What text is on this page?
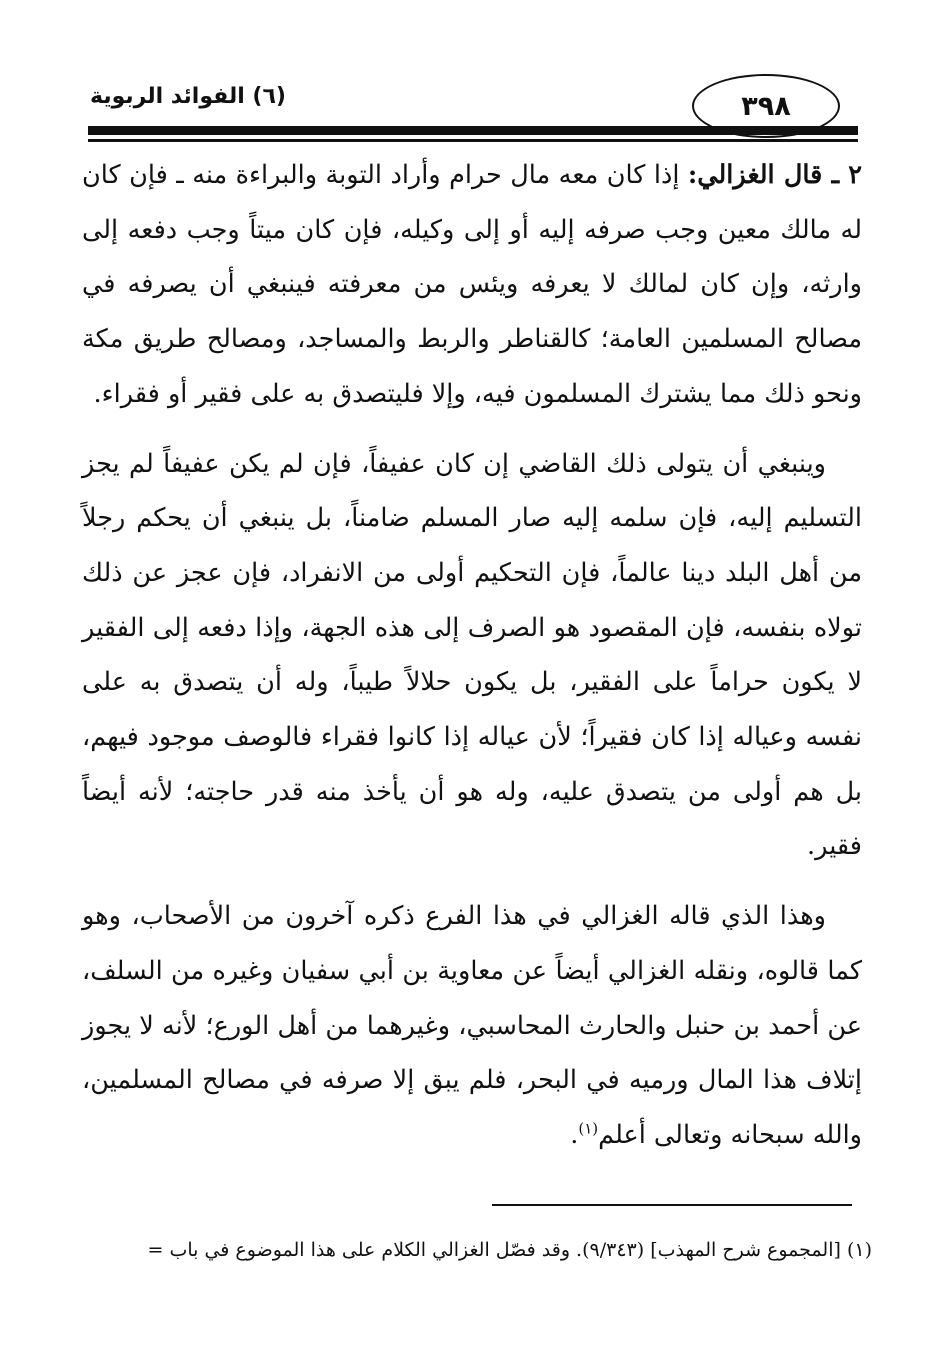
(٦) الفوائد الربوية	٣٩٨

٢ ـ قال الغزالي: إذا كان معه مال حرام وأراد التوبة والبراءة منه ـ فإن كان له مالك معين وجب صرفه إليه أو إلى وكيله، فإن كان ميتاً وجب دفعه إلى وارثه، وإن كان لمالك لا يعرفه ويئس من معرفته فينبغي أن يصرفه في مصالح المسلمين العامة؛ كالقناطر والربط والمساجد، ومصالح طريق مكة ونحو ذلك مما يشترك المسلمون فيه، وإلا فليتصدق به على فقير أو فقراء.

وينبغي أن يتولى ذلك القاضي إن كان عفيفاً، فإن لم يكن عفيفاً لم يجز التسليم إليه، فإن سلمه إليه صار المسلم ضامناً، بل ينبغي أن يحكم رجلاً من أهل البلد دينا عالماً، فإن التحكيم أولى من الانفراد، فإن عجز عن ذلك تولاه بنفسه، فإن المقصود هو الصرف إلى هذه الجهة، وإذا دفعه إلى الفقير لا يكون حراماً على الفقير، بل يكون حلالاً طيباً، وله أن يتصدق به على نفسه وعياله إذا كان فقيراً؛ لأن عياله إذا كانوا فقراء فالوصف موجود فيهم، بل هم أولى من يتصدق عليه، وله هو أن يأخذ منه قدر حاجته؛ لأنه أيضاً فقير.

وهذا الذي قاله الغزالي في هذا الفرع ذكره آخرون من الأصحاب، وهو كما قالوه، ونقله الغزالي أيضاً عن معاوية بن أبي سفيان وغيره من السلف، عن أحمد بن حنبل والحارث المحاسبي، وغيرهما من أهل الورع؛ لأنه لا يجوز إتلاف هذا المال ورميه في البحر، فلم يبق إلا صرفه في مصالح المسلمين، والله سبحانه وتعالى أعلم$^{(١)}$.

(١) [المجموع شرح المهذب] (٩/٣٤٣). وقد فصّل الغزالي الكلام على هذا الموضوع في باب =
